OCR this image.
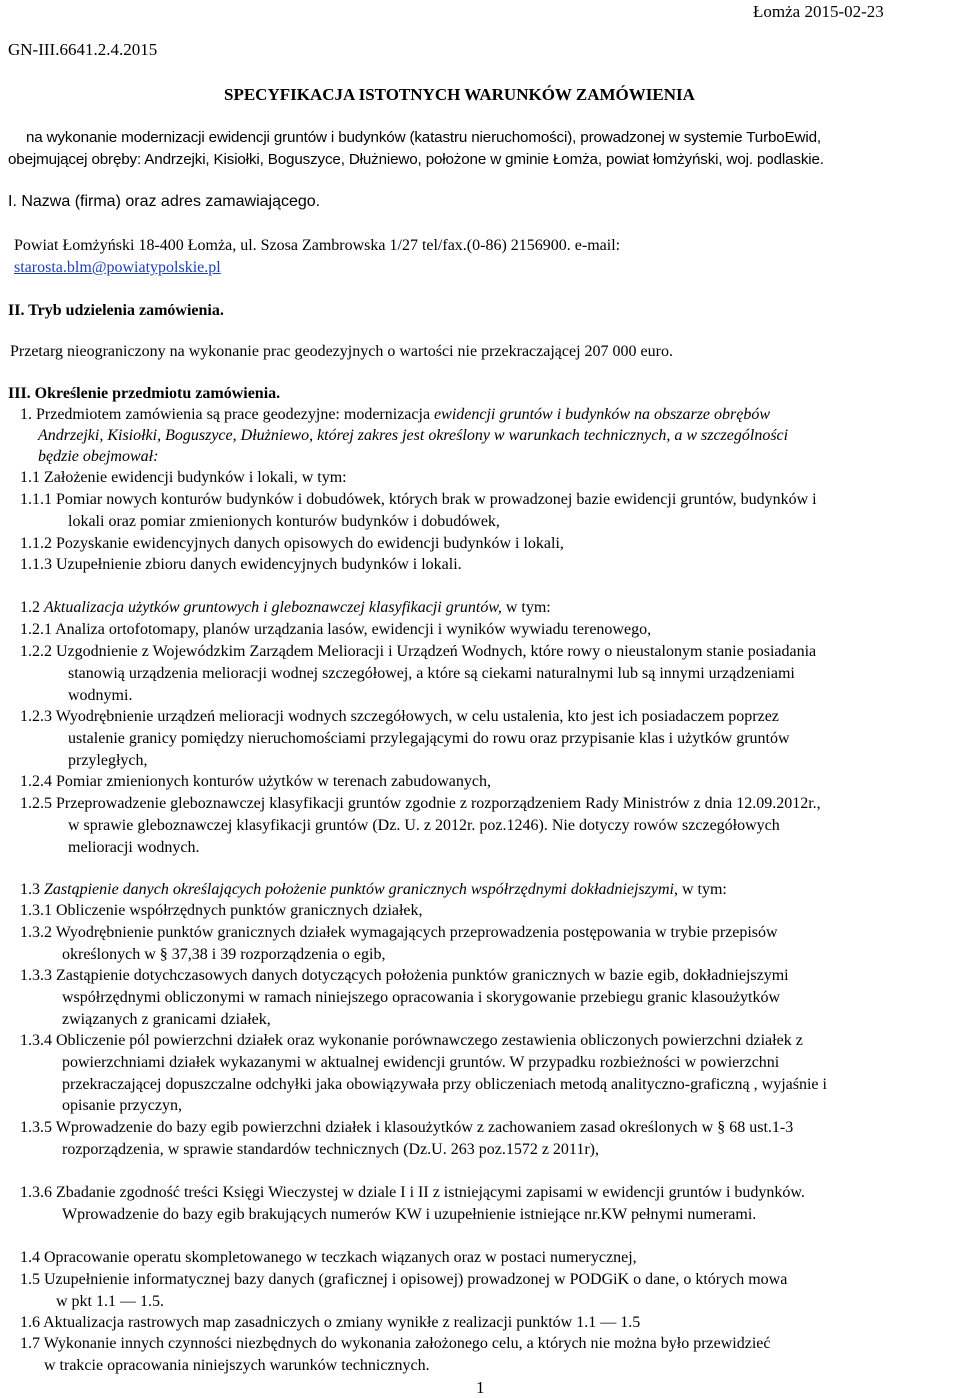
Łomża 2015-02-23
GN-III.6641.2.4.2015
SPECYFIKACJA ISTOTNYCH WARUNKÓW ZAMÓWIENIA
na wykonanie modernizacji ewidencji gruntów i budynków (katastru nieruchomości), prowadzonej w systemie TurboEwid,
obejmującej obręby: Andrzejki, Kisiołki, Boguszyce, Dłużniewo, położone w gminie Łomża, powiat łomżyński, woj. podlaskie.
I. Nazwa (firma) oraz adres zamawiającego.
Powiat Łomżyński 18-400 Łomża, ul. Szosa Zambrowska 1/27 tel/fax.(0-86) 2156900. e-mail:
starosta.blm@powiatypolskie.pl
II. Tryb udzielenia zamówienia.
Przetarg nieograniczony na wykonanie prac geodezyjnych o wartości nie przekraczającej 207 000 euro.
III. Określenie przedmiotu zamówienia.
1. Przedmiotem zamówienia są prace geodezyjne: modernizacja ewidencji gruntów i budynków na obszarze obrębów
Andrzejki, Kisiołki, Boguszyce, Dłużniewo, której zakres jest określony w warunkach technicznych, a w szczególności
będzie obejmował:
1.1 Założenie ewidencji budynków i lokali, w tym:
1.1.1 Pomiar nowych konturów budynków i dobudówek, których brak w prowadzonej bazie ewidencji gruntów, budynków i
lokali oraz pomiar zmienionych konturów budynków i dobudówek,
1.1.2 Pozyskanie ewidencyjnych danych opisowych do ewidencji budynków i lokali,
1.1.3 Uzupełnienie zbioru danych ewidencyjnych budynków i lokali.
1.2 Aktualizacja użytków gruntowych i gleboznawczej klasyfikacji gruntów, w tym:
1.2.1 Analiza ortofotomapy, planów urządzania lasów, ewidencji i wyników wywiadu terenowego,
1.2.2 Uzgodnienie z Wojewódzkim Zarządem Melioracji i Urządzeń Wodnych, które rowy o nieustalonym stanie posiadania
stanowią urządzenia melioracji wodnej szczegółowej, a które są ciekami naturalnymi lub są innymi urządzeniami
wodnymi.
1.2.3 Wyodrębnienie urządzeń melioracji wodnych szczegółowych, w celu ustalenia, kto jest ich posiadaczem poprzez
ustalenie granicy pomiędzy nieruchomościami przylegającymi do rowu oraz przypisanie klas i użytków gruntów
przyległych,
1.2.4 Pomiar zmienionych konturów użytków w terenach zabudowanych,
1.2.5 Przeprowadzenie gleboznawczej klasyfikacji gruntów zgodnie z rozporządzeniem Rady Ministrów z dnia 12.09.2012r.,
w sprawie gleboznawczej klasyfikacji gruntów (Dz. U. z 2012r. poz.1246). Nie dotyczy rowów szczegółowych
melioracji wodnych.
1.3 Zastąpienie danych określających położenie punktów granicznych współrzędnymi dokładniejszymi, w tym:
1.3.1 Obliczenie współrzędnych punktów granicznych działek,
1.3.2 Wyodrębnienie punktów granicznych działek wymagających przeprowadzenia postępowania w trybie przepisów
określonych w § 37,38 i 39 rozporządzenia o egib,
1.3.3 Zastąpienie dotychczasowych danych dotyczących położenia punktów granicznych w bazie egib, dokładniejszymi
współrzędnymi obliczonymi w ramach niniejszego opracowania i skorygowanie przebiegu granic klasoużytków
związanych z granicami działek,
1.3.4 Obliczenie pól powierzchni działek oraz wykonanie porównawczego zestawienia obliczonych powierzchni działek z
powierzchniami działek wykazanymi w aktualnej ewidencji gruntów. W przypadku rozbieżności w powierzchni
przekraczającej dopuszczalne odchyłki jaka obowiązywała przy obliczeniach metodą analityczno-graficzną , wyjaśnie i
opisanie przyczyn,
1.3.5 Wprowadzenie do bazy egib powierzchni działek i klasoużytków z zachowaniem zasad określonych w § 68 ust.1-3
rozporządzenia, w sprawie standardów technicznych (Dz.U. 263 poz.1572 z 2011r),
1.3.6 Zbadanie zgodność treści Księgi Wieczystej w dziale I i II z istniejącymi zapisami w ewidencji gruntów i budynków.
Wprowadzenie do bazy egib brakujących numerów KW i uzupełnienie istniejące nr.KW pełnymi numerami.
1.4 Opracowanie operatu skompletowanego w teczkach wiązanych oraz w postaci numerycznej,
1.5 Uzupełnienie informatycznej bazy danych (graficznej i opisowej) prowadzonej w PODGiK o dane, o których mowa
w pkt 1.1 — 1.5.
1.6 Aktualizacja rastrowych map zasadniczych o zmiany wynikłe z realizacji punktów 1.1 — 1.5
1.7 Wykonanie innych czynności niezbędnych do wykonania założonego celu, a których nie można było przewidzieć
w trakcie opracowania niniejszych warunków technicznych.
1
